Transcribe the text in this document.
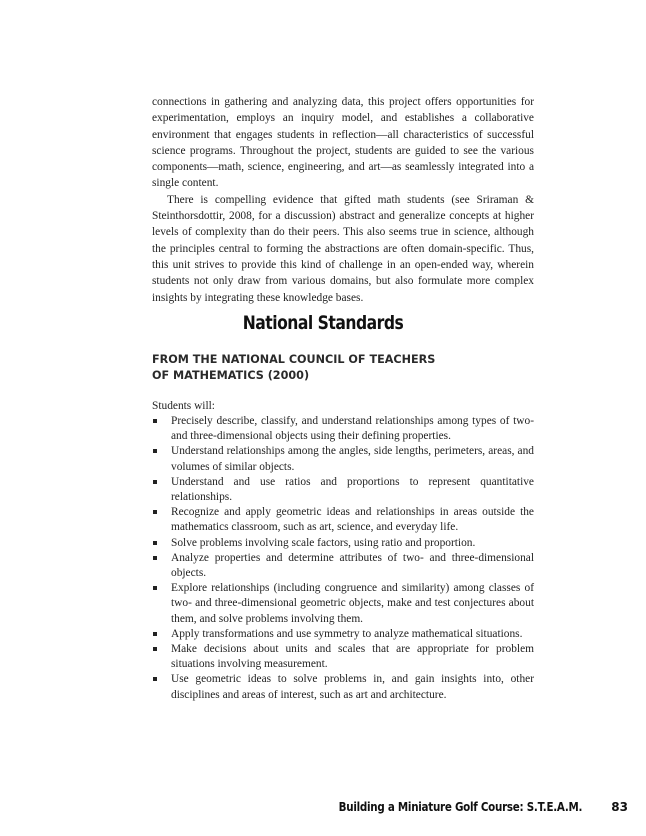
connections in gathering and analyzing data, this project offers opportunities for experimentation, employs an inquiry model, and establishes a collaborative environment that engages students in reflection—all characteristics of successful science programs. Throughout the project, students are guided to see the various components—math, science, engineering, and art—as seamlessly integrated into a single content.

There is compelling evidence that gifted math students (see Sriraman & Steinthorsdottir, 2008, for a discussion) abstract and generalize concepts at higher levels of complexity than do their peers. This also seems true in science, although the principles central to forming the abstractions are often domain-specific. Thus, this unit strives to provide this kind of challenge in an open-ended way, wherein students not only draw from various domains, but also formulate more complex insights by integrating these knowledge bases.

National Standards
FROM THE NATIONAL COUNCIL OF TEACHERS
OF MATHEMATICS (2000)
Students will:
Precisely describe, classify, and understand relationships among types of two- and three-dimensional objects using their defining properties.
Understand relationships among the angles, side lengths, perimeters, areas, and volumes of similar objects.
Understand and use ratios and proportions to represent quantitative relationships.
Recognize and apply geometric ideas and relationships in areas outside the mathematics classroom, such as art, science, and everyday life.
Solve problems involving scale factors, using ratio and proportion.
Analyze properties and determine attributes of two- and three-dimensional objects.
Explore relationships (including congruence and similarity) among classes of two- and three-dimensional geometric objects, make and test conjectures about them, and solve problems involving them.
Apply transformations and use symmetry to analyze mathematical situations.
Make decisions about units and scales that are appropriate for problem situations involving measurement.
Use geometric ideas to solve problems in, and gain insights into, other disciplines and areas of interest, such as art and architecture.
Building a Miniature Golf Course: S.T.E.A.M. 83
